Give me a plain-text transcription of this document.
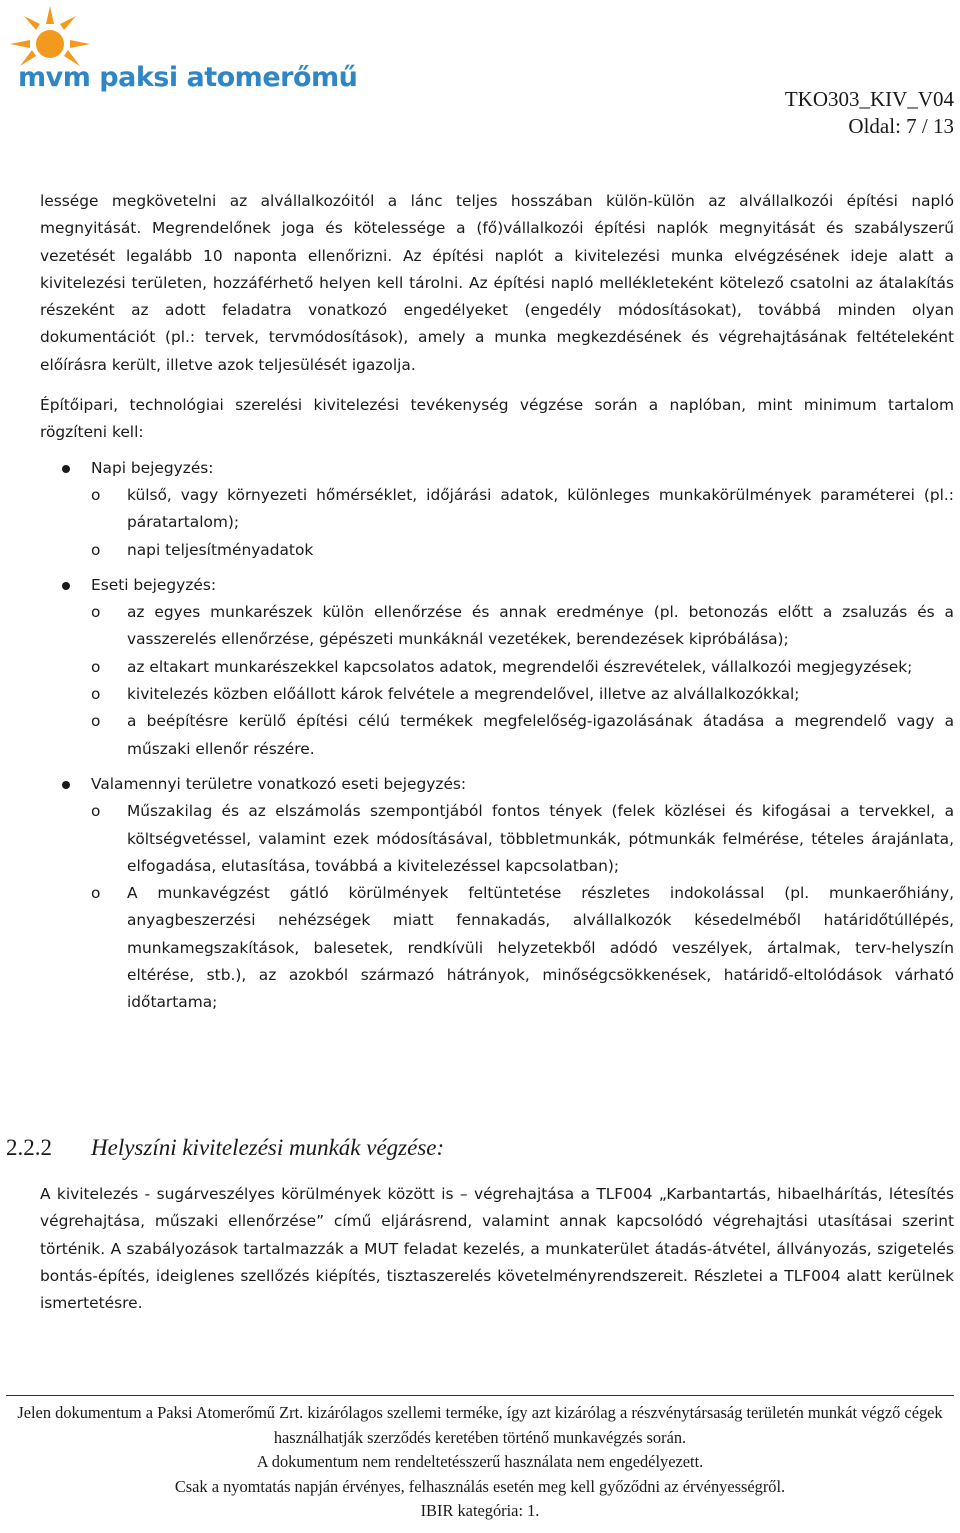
mvm paksi atomerőmű
TKO303_KIV_V04
Oldal: 7 / 13

lessége megkövetelni az alvállalkozóitól a lánc teljes hosszában külön-külön az alvállalkozói építési napló megnyitását. Megrendelőnek joga és kötelessége a (fő)vállalkozói építési naplók megnyitását és szabályszerű vezetését legalább 10 naponta ellenőrizni. Az építési naplót a kivitelezési munka elvégzésének ideje alatt a kivitelezési területen, hozzáférhető helyen kell tárolni. Az építési napló mellékleteként kötelező csatolni az átalakítás részeként az adott feladatra vonatkozó engedélyeket (engedély módosításokat), továbbá minden olyan dokumentációt (pl.: tervek, tervmódosítások), amely a munka megkezdésének és végrehajtásának feltételeként előírásra került, illetve azok teljesülését igazolja.

Építőipari, technológiai szerelési kivitelezési tevékenység végzése során a naplóban, mint minimum tartalom rögzíteni kell:

Napi bejegyzés:
o külső, vagy környezeti hőmérséklet, időjárási adatok, különleges munkakörülmények paraméterei (pl.: páratartalom);
o napi teljesítményadatok
Eseti bejegyzés:
o az egyes munkarészek külön ellenőrzése és annak eredménye (pl. betonozás előtt a zsaluzás és a vasszerelés ellenőrzése, gépészeti munkáknál vezetékek, berendezések kipróbálása);
o az eltakart munkarészekkel kapcsolatos adatok, megrendelői észrevételek, vállalkozói megjegyzések;
o kivitelezés közben előállott károk felvétele a megrendelővel, illetve az alvállalkozókkal;
o a beépítésre kerülő építési célú termékek megfelelőség-igazolásának átadása a megrendelő vagy a műszaki ellenőr részére.
Valamennyi területre vonatkozó eseti bejegyzés:
o Műszakilag és az elszámolás szempontjából fontos tények (felek közlései és kifogásai a tervekkel, a költségvetéssel, valamint ezek módosításával, többletmunkák, pótmunkák felmérése, tételes árajánlata, elfogadása, elutasítása, továbbá a kivitelezéssel kapcsolatban);
o A munkavégzést gátló körülmények feltüntetése részletes indokolással (pl. munkaerőhiány, anyagbeszerzési nehézségek miatt fennakadás, alvállalkozók késedelméből határidőtúllépés, munkamegszakítások, balesetek, rendkívüli helyzetekből adódó veszélyek, ártalmak, terv-helyszín eltérése, stb.), az azokból származó hátrányok, minőségcsökkenések, határidő-eltolódások várható időtartama;
2.2.2 Helyszíni kivitelezési munkák végzése:

A kivitelezés - sugárveszélyes körülmények között is – végrehajtása a TLF004 „Karbantartás, hibaelhárítás, létesítés végrehajtása, műszaki ellenőrzése” című eljárásrend, valamint annak kapcsolódó végrehajtási utasításai szerint történik. A szabályozások tartalmazzák a MUT feladat kezelés, a munkaterület átadás-átvétel, állványozás, szigetelés bontás-építés, ideiglenes szellőzés kiépítés, tisztaszerelés követelményrendszereit. Részletei a TLF004 alatt kerülnek ismertetésre.

Jelen dokumentum a Paksi Atomerőmű Zrt. kizárólagos szellemi terméke, így azt kizárólag a részvénytársaság területén munkát végző cégek használhatják szerződés keretében történő munkavégzés során.
A dokumentum nem rendeltetésszerű használata nem engedélyezett.
Csak a nyomtatás napján érvényes, felhasználás esetén meg kell győződni az érvényességről.
IBIR kategória: 1.
